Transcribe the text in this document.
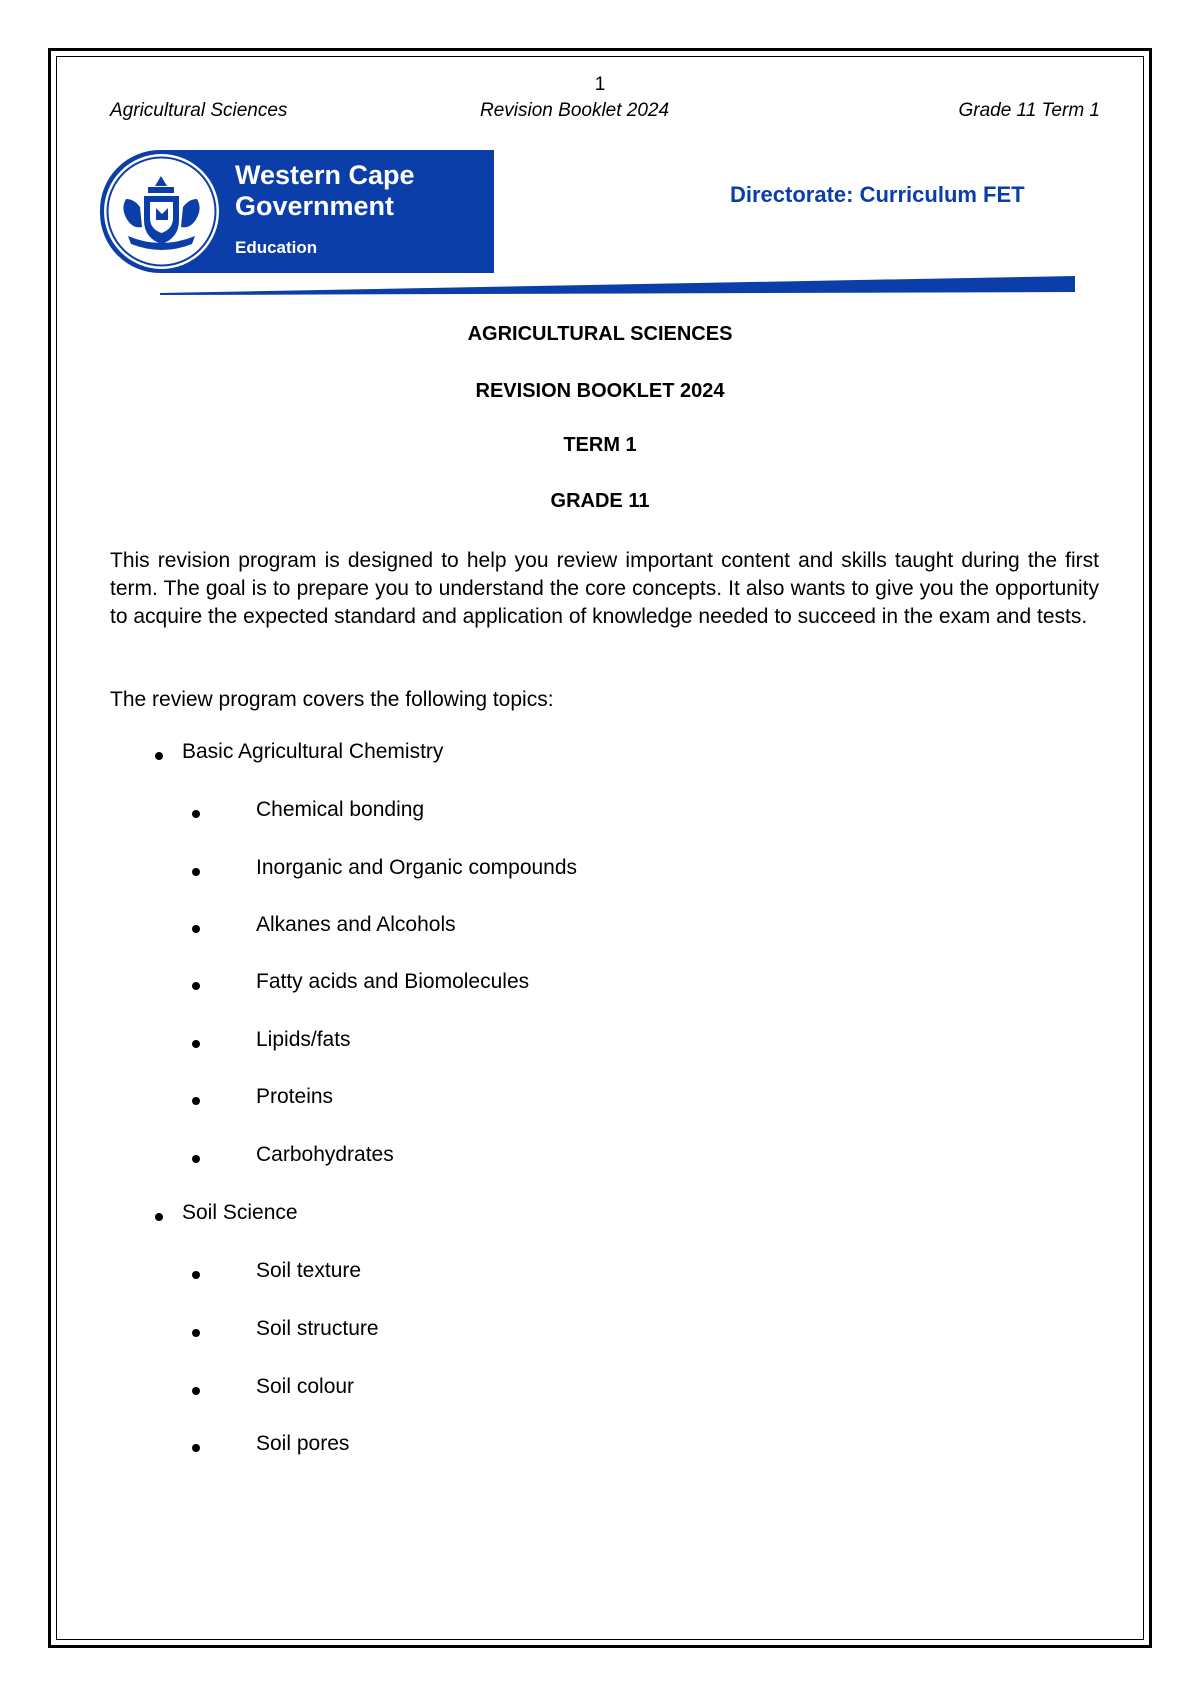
1
Agricultural Sciences	Revision Booklet 2024	Grade 11 Term 1
Western Cape
Government
Education
Directorate: Curriculum FET
AGRICULTURAL SCIENCES
REVISION BOOKLET 2024
TERM 1
GRADE 11

This revision program is designed to help you review important content and skills taught during the first term. The goal is to prepare you to understand the core concepts. It also wants to give you the opportunity to acquire the expected standard and application of knowledge needed to succeed in the exam and tests.

The review program covers the following topics:

Basic Agricultural Chemistry
Chemical bonding
Inorganic and Organic compounds
Alkanes and Alcohols
Fatty acids and Biomolecules
Lipids/fats
Proteins
Carbohydrates
Soil Science
Soil texture
Soil structure
Soil colour
Soil pores
